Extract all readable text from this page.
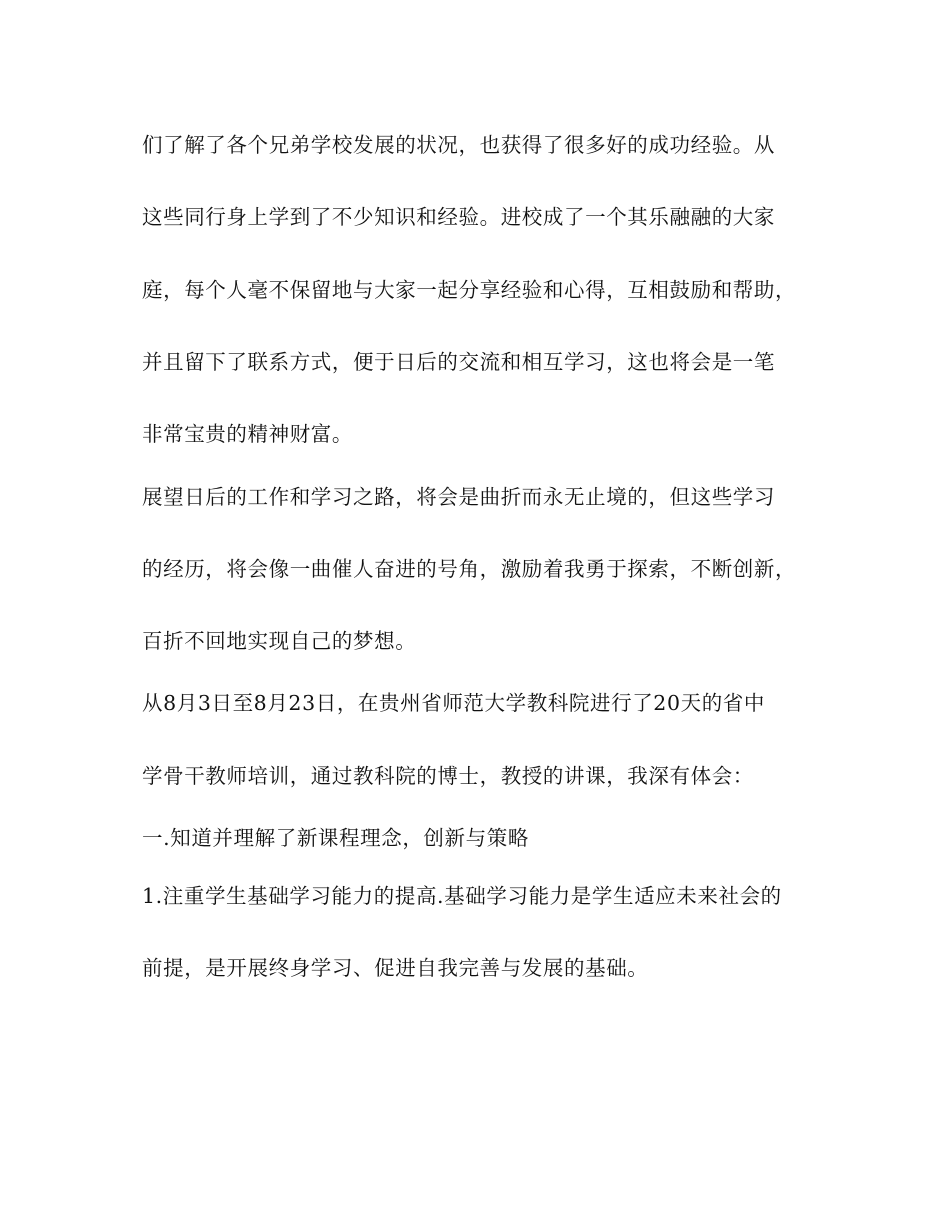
们了解了各个兄弟学校发展的状况，也获得了很多好的成功经验。从
这些同行身上学到了不少知识和经验。进校成了一个其乐融融的大家
庭，每个人毫不保留地与大家一起分享经验和心得，互相鼓励和帮助，
并且留下了联系方式，便于日后的交流和相互学习，这也将会是一笔
非常宝贵的精神财富。
展望日后的工作和学习之路，将会是曲折而永无止境的，但这些学习
的经历，将会像一曲催人奋进的号角，激励着我勇于探索，不断创新，
百折不回地实现自己的梦想。
从8月3日至8月23日，在贵州省师范大学教科院进行了20天的省中
学骨干教师培训，通过教科院的博士，教授的讲课，我深有体会：
一.知道并理解了新课程理念，创新与策略
1.注重学生基础学习能力的提高.基础学习能力是学生适应未来社会的
前提，是开展终身学习、促进自我完善与发展的基础。
